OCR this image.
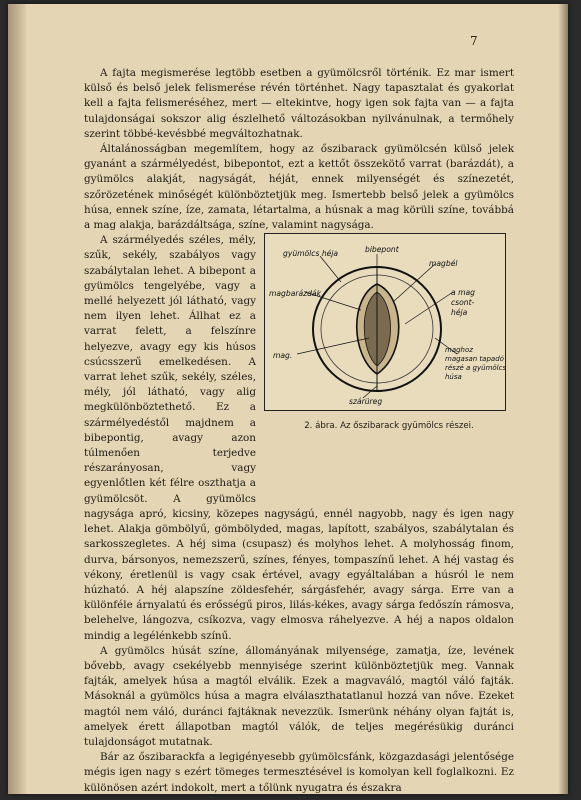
7

A fajta megismerése legtöbb esetben a gyümölcsről történik. Ez mar ismert külső és belső jelek felismerése révén történhet. Nagy tapasztalat és gyakorlat kell a fajta felismeréséhez, mert — eltekintve, hogy igen sok fajta van — a fajta tulajdonságai sokszor alig észlelhető változásokban nyilvánulnak, a termőhely szerint többé-kevésbbé megváltozhatnak.

Általánosságban megemlítem, hogy az őszibarack gyümölcsén külső jelek gyanánt a szármélyedést, bibepontot, ezt a kettőt összekötő varrat (barázdát), a gyümölcs alakját, nagyságát, héját, ennek milyenségét és színezetét, szőrözetének minőségét különböztetjük meg. Ismertebb belső jelek a gyümölcs húsa, ennek színe, íze, zamata, létartalma, a húsnak a mag körüli színe, továbbá a mag alakja, barázdáltsága, színe, valamint nagysága.

bibepont
gyümölcs héja
magbél
magbarázdák	a mag
csont-
héja
mag.
maghoz
magasan tapadó
részé a gyümölcs
húsa
szárüreg
2. ábra. Az őszibarack gyümölcs részei.

A szármélyedés széles, mély, szűk, sekély, szabályos vagy szabálytalan lehet. A bibepont a gyümölcs tengelyébe, vagy a mellé helyezett jól látható, vagy nem ilyen lehet. Állhat ez a varrat felett, a felszínre helyezve, avagy egy kis húsos csúcsszerű emelkedésen. A varrat lehet szűk, sekély, széles, mély, jól látható, vagy alig megkülönböztethető. Ez a szármélyedéstől majdnem a bibepontig, avagy azon túlmenően terjedve részarányosan, vagy egyenlőtlen két félre oszthatja a gyümölcsöt. A gyümölcs nagysága apró, kicsiny, közepes nagyságú, ennél nagyobb, nagy és igen nagy lehet. Alakja gömbölyű, gömbölyded, magas, lapított, szabályos, szabálytalan és sarkosszegletes. A héj sima (csupasz) és molyhos lehet. A molyhosság finom, durva, bársonyos, nemezszerű, színes, fényes, tompaszínű lehet. A héj vastag és vékony, éretlenül is vagy csak értével, avagy egyáltalában a húsról le nem húzható. A héj alapszíne zöldesfehér, sárgásfehér, avagy sárga. Erre van a különféle árnyalatú és erősségű piros, lilás-kékes, avagy sárga fedőszín rámosva, belehelve, lángozva, csíkozva, vagy elmosva ráhelyezve. A héj a napos oldalon mindig a legélénkebb színű.

A gyümölcs húsát színe, állományának milyensége, zamatja, íze, levének bővebb, avagy csekélyebb mennyisége szerint különböztetjük meg. Vannak fajták, amelyek húsa a magtól elválik. Ezek a magvaváló, magtól váló fajták. Másoknál a gyümölcs húsa a magra elválaszthatatlanul hozzá van nőve. Ezeket magtól nem váló, duránci fajtáknak nevezzük. Ismerünk néhány olyan fajtát is, amelyek érett állapotban magtól válók, de teljes megérésükig duránci tulajdonságot mutatnak.

Bár az őszibarackfa a legigényesebb gyümölcsfánk, közgazdasági jelentősége mégis igen nagy s ezért tömeges termesztésével is komolyan kell foglalkozni. Ez különösen azért indokolt, mert a tőlünk nyugatra és északra
